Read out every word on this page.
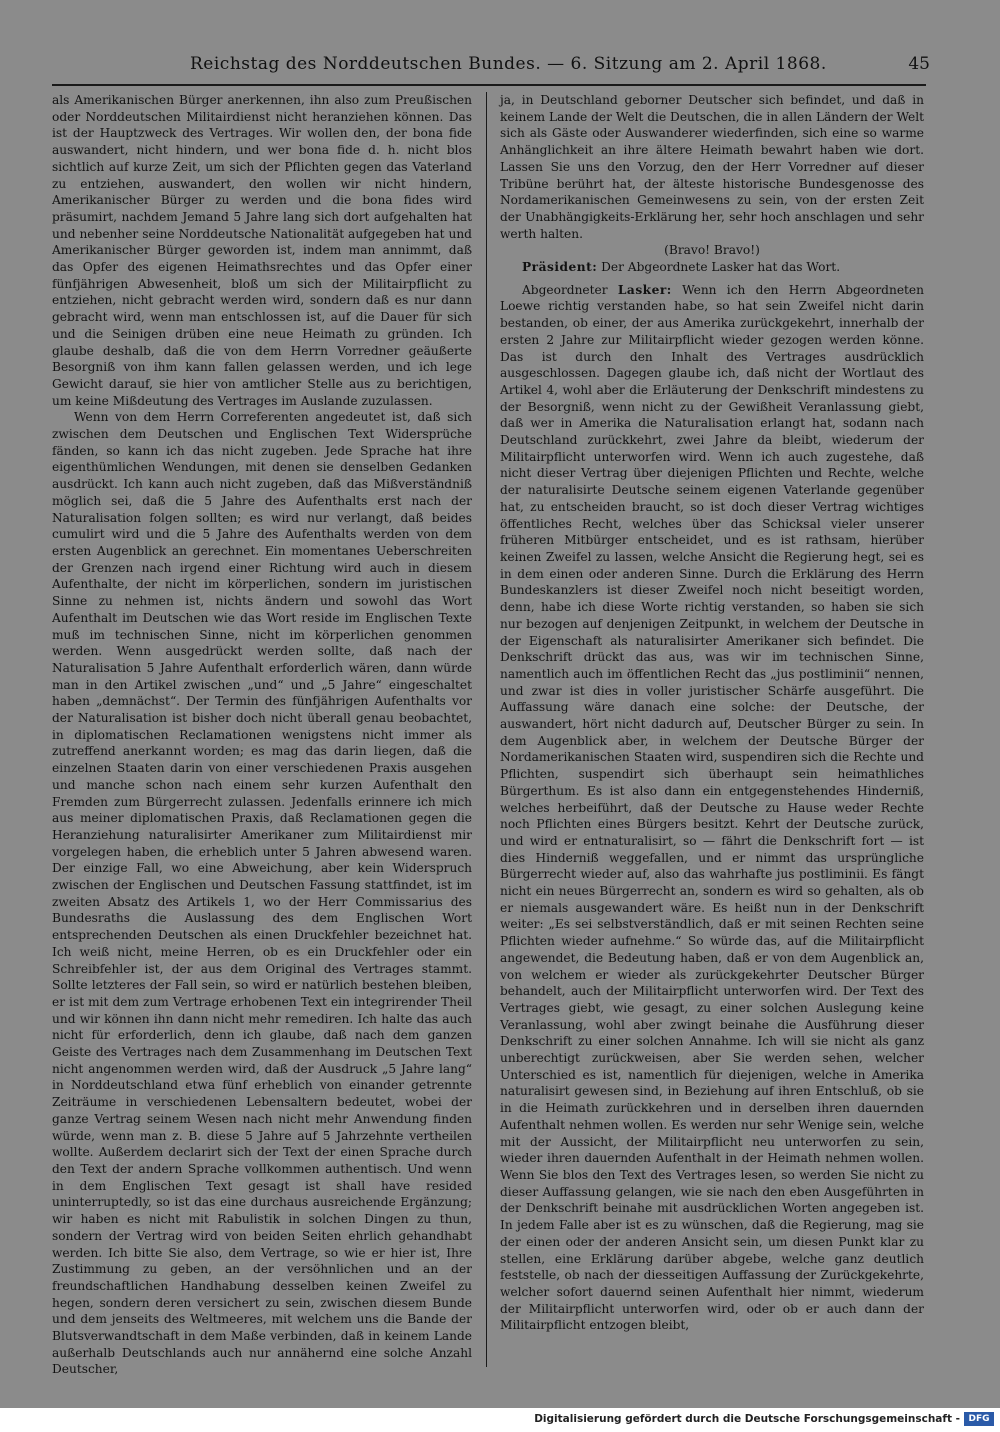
Reichstag des Norddeutschen Bundes. — 6. Sitzung am 2. April 1868.	45

als Amerikanischen Bürger anerkennen, ihn also zum Preußischen oder Norddeutschen Militairdienst nicht heranziehen können. Das ist der Hauptzweck des Vertrages. Wir wollen den, der bona fide auswandert, nicht hindern, und wer bona fide d. h. nicht blos sichtlich auf kurze Zeit, um sich der Pflichten gegen das Vaterland zu entziehen, auswandert, den wollen wir nicht hindern, Amerikanischer Bürger zu werden und die bona fides wird präsumirt, nachdem Jemand 5 Jahre lang sich dort aufgehalten hat und nebenher seine Norddeutsche Nationalität aufgegeben hat und Amerikanischer Bürger geworden ist, indem man annimmt, daß das Opfer des eigenen Heimathsrechtes und das Opfer einer fünfjährigen Abwesenheit, bloß um sich der Militairpflicht zu entziehen, nicht gebracht werden wird, sondern daß es nur dann gebracht wird, wenn man entschlossen ist, auf die Dauer für sich und die Seinigen drüben eine neue Heimath zu gründen. Ich glaube deshalb, daß die von dem Herrn Vorredner geäußerte Besorgniß von ihm kann fallen gelassen werden, und ich lege Gewicht darauf, sie hier von amtlicher Stelle aus zu berichtigen, um keine Mißdeutung des Vertrages im Auslande zuzulassen.

Wenn von dem Herrn Correferenten angedeutet ist, daß sich zwischen dem Deutschen und Englischen Text Widersprüche fänden, so kann ich das nicht zugeben. Jede Sprache hat ihre eigenthümlichen Wendungen, mit denen sie denselben Gedanken ausdrückt. Ich kann auch nicht zugeben, daß das Mißverständniß möglich sei, daß die 5 Jahre des Aufenthalts erst nach der Naturalisation folgen sollten; es wird nur verlangt, daß beides cumulirt wird und die 5 Jahre des Aufenthalts werden von dem ersten Augenblick an gerechnet. Ein momentanes Ueberschreiten der Grenzen nach irgend einer Richtung wird auch in diesem Aufenthalte, der nicht im körperlichen, sondern im juristischen Sinne zu nehmen ist, nichts ändern und sowohl das Wort Aufenthalt im Deutschen wie das Wort reside im Englischen Texte muß im technischen Sinne, nicht im körperlichen genommen werden. Wenn ausgedrückt werden sollte, daß nach der Naturalisation 5 Jahre Aufenthalt erforderlich wären, dann würde man in den Artikel zwischen „und“ und „5 Jahre“ eingeschaltet haben „demnächst“. Der Termin des fünfjährigen Aufenthalts vor der Naturalisation ist bisher doch nicht überall genau beobachtet, in diplomatischen Reclamationen wenigstens nicht immer als zutreffend anerkannt worden; es mag das darin liegen, daß die einzelnen Staaten darin von einer verschiedenen Praxis ausgehen und manche schon nach einem sehr kurzen Aufenthalt den Fremden zum Bürgerrecht zulassen. Jedenfalls erinnere ich mich aus meiner diplomatischen Praxis, daß Reclamationen gegen die Heranziehung naturalisirter Amerikaner zum Militairdienst mir vorgelegen haben, die erheblich unter 5 Jahren abwesend waren. Der einzige Fall, wo eine Abweichung, aber kein Widerspruch zwischen der Englischen und Deutschen Fassung stattfindet, ist im zweiten Absatz des Artikels 1, wo der Herr Commissarius des Bundesraths die Auslassung des dem Englischen Wort entsprechenden Deutschen als einen Druckfehler bezeichnet hat. Ich weiß nicht, meine Herren, ob es ein Druckfehler oder ein Schreibfehler ist, der aus dem Original des Vertrages stammt. Sollte letzteres der Fall sein, so wird er natürlich bestehen bleiben, er ist mit dem zum Vertrage erhobenen Text ein integrirender Theil und wir können ihn dann nicht mehr remediren. Ich halte das auch nicht für erforderlich, denn ich glaube, daß nach dem ganzen Geiste des Vertrages nach dem Zusammenhang im Deutschen Text nicht angenommen werden wird, daß der Ausdruck „5 Jahre lang“ in Norddeutschland etwa fünf erheblich von einander getrennte Zeiträume in verschiedenen Lebensaltern bedeutet, wobei der ganze Vertrag seinem Wesen nach nicht mehr Anwendung finden würde, wenn man z. B. diese 5 Jahre auf 5 Jahrzehnte vertheilen wollte. Außerdem declarirt sich der Text der einen Sprache durch den Text der andern Sprache vollkommen authentisch. Und wenn in dem Englischen Text gesagt ist shall have resided uninterruptedly, so ist das eine durchaus ausreichende Ergänzung; wir haben es nicht mit Rabulistik in solchen Dingen zu thun, sondern der Vertrag wird von beiden Seiten ehrlich gehandhabt werden. Ich bitte Sie also, dem Vertrage, so wie er hier ist, Ihre Zustimmung zu geben, an der versöhnlichen und an der freundschaftlichen Handhabung desselben keinen Zweifel zu hegen, sondern deren versichert zu sein, zwischen diesem Bunde und dem jenseits des Weltmeeres, mit welchem uns die Bande der Blutsverwandtschaft in dem Maße verbinden, daß in keinem Lande außerhalb Deutschlands auch nur annähernd eine solche Anzahl Deutscher,

ja, in Deutschland geborner Deutscher sich befindet, und daß in keinem Lande der Welt die Deutschen, die in allen Ländern der Welt sich als Gäste oder Auswanderer wiederfinden, sich eine so warme Anhänglichkeit an ihre ältere Heimath bewahrt haben wie dort. Lassen Sie uns den Vorzug, den der Herr Vorredner auf dieser Tribüne berührt hat, der älteste historische Bundesgenosse des Nordamerikanischen Gemeinwesens zu sein, von der ersten Zeit der Unabhängigkeits-Erklärung her, sehr hoch anschlagen und sehr werth halten.

(Bravo! Bravo!)

Präsident: Der Abgeordnete Lasker hat das Wort.

Abgeordneter Lasker: Wenn ich den Herrn Abgeordneten Loewe richtig verstanden habe, so hat sein Zweifel nicht darin bestanden, ob einer, der aus Amerika zurückgekehrt, innerhalb der ersten 2 Jahre zur Militairpflicht wieder gezogen werden könne. Das ist durch den Inhalt des Vertrages ausdrücklich ausgeschlossen. Dagegen glaube ich, daß nicht der Wortlaut des Artikel 4, wohl aber die Erläuterung der Denkschrift mindestens zu der Besorgniß, wenn nicht zu der Gewißheit Veranlassung giebt, daß wer in Amerika die Naturalisation erlangt hat, sodann nach Deutschland zurückkehrt, zwei Jahre da bleibt, wiederum der Militairpflicht unterworfen wird. Wenn ich auch zugestehe, daß nicht dieser Vertrag über diejenigen Pflichten und Rechte, welche der naturalisirte Deutsche seinem eigenen Vaterlande gegenüber hat, zu entscheiden braucht, so ist doch dieser Vertrag wichtiges öffentliches Recht, welches über das Schicksal vieler unserer früheren Mitbürger entscheidet, und es ist rathsam, hierüber keinen Zweifel zu lassen, welche Ansicht die Regierung hegt, sei es in dem einen oder anderen Sinne. Durch die Erklärung des Herrn Bundeskanzlers ist dieser Zweifel noch nicht beseitigt worden, denn, habe ich diese Worte richtig verstanden, so haben sie sich nur bezogen auf denjenigen Zeitpunkt, in welchem der Deutsche in der Eigenschaft als naturalisirter Amerikaner sich befindet. Die Denkschrift drückt das aus, was wir im technischen Sinne, namentlich auch im öffentlichen Recht das „jus postliminii“ nennen, und zwar ist dies in voller juristischer Schärfe ausgeführt. Die Auffassung wäre danach eine solche: der Deutsche, der auswandert, hört nicht dadurch auf, Deutscher Bürger zu sein. In dem Augenblick aber, in welchem der Deutsche Bürger der Nordamerikanischen Staaten wird, suspendiren sich die Rechte und Pflichten, suspendirt sich überhaupt sein heimathliches Bürgerthum. Es ist also dann ein entgegenstehendes Hinderniß, welches herbeiführt, daß der Deutsche zu Hause weder Rechte noch Pflichten eines Bürgers besitzt. Kehrt der Deutsche zurück, und wird er entnaturalisirt, so — fährt die Denkschrift fort — ist dies Hinderniß weggefallen, und er nimmt das ursprüngliche Bürgerrecht wieder auf, also das wahrhafte jus postliminii. Es fängt nicht ein neues Bürgerrecht an, sondern es wird so gehalten, als ob er niemals ausgewandert wäre. Es heißt nun in der Denkschrift weiter: „Es sei selbstverständlich, daß er mit seinen Rechten seine Pflichten wieder aufnehme.“ So würde das, auf die Militairpflicht angewendet, die Bedeutung haben, daß er von dem Augenblick an, von welchem er wieder als zurückgekehrter Deutscher Bürger behandelt, auch der Militairpflicht unterworfen wird. Der Text des Vertrages giebt, wie gesagt, zu einer solchen Auslegung keine Veranlassung, wohl aber zwingt beinahe die Ausführung dieser Denkschrift zu einer solchen Annahme. Ich will sie nicht als ganz unberechtigt zurückweisen, aber Sie werden sehen, welcher Unterschied es ist, namentlich für diejenigen, welche in Amerika naturalisirt gewesen sind, in Beziehung auf ihren Entschluß, ob sie in die Heimath zurückkehren und in derselben ihren dauernden Aufenthalt nehmen wollen. Es werden nur sehr Wenige sein, welche mit der Aussicht, der Militairpflicht neu unterworfen zu sein, wieder ihren dauernden Aufenthalt in der Heimath nehmen wollen. Wenn Sie blos den Text des Vertrages lesen, so werden Sie nicht zu dieser Auffassung gelangen, wie sie nach den eben Ausgeführten in der Denkschrift beinahe mit ausdrücklichen Worten angegeben ist. In jedem Falle aber ist es zu wünschen, daß die Regierung, mag sie der einen oder der anderen Ansicht sein, um diesen Punkt klar zu stellen, eine Erklärung darüber abgebe, welche ganz deutlich feststelle, ob nach der diesseitigen Auffassung der Zurückgekehrte, welcher sofort dauernd seinen Aufenthalt hier nimmt, wiederum der Militairpflicht unterworfen wird, oder ob er auch dann der Militairpflicht entzogen bleibt,

Digitalisierung gefördert durch die Deutsche Forschungsgemeinschaft - DFG
